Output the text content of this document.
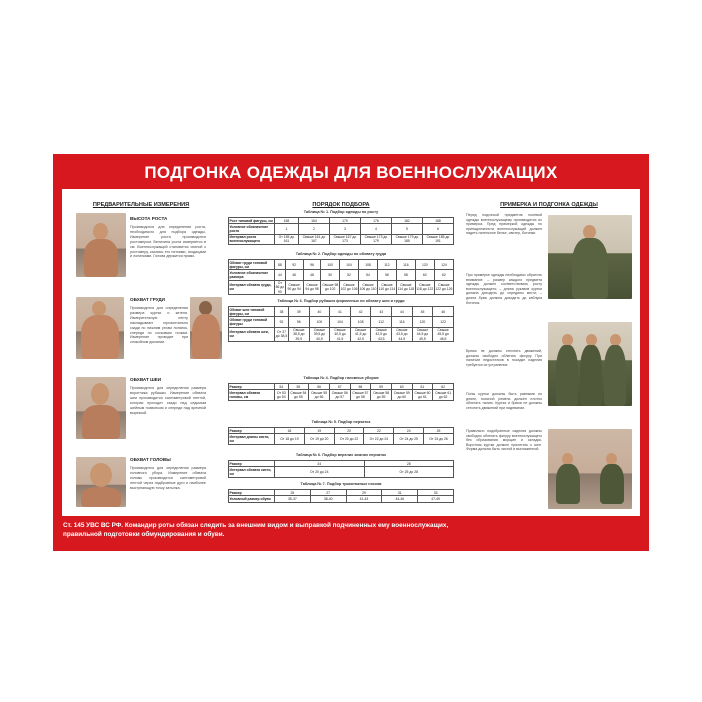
ПОДГОНКА ОДЕЖДЫ ДЛЯ ВОЕННОСЛУЖАЩИХ
ПРЕДВАРИТЕЛЬНЫЕ ИЗМЕРЕНИЯ
ВЫСОТА РОСТА
Производится для определения роста, необходимого для подбора одежды. Измерение роста производится ростомером. Величина роста измеряется в см. Военнослужащий становится спиной к ростомеру, касаясь его пятками, ягодицами и лопатками. Голова держится прямо.
ОБХВАТ ГРУДИ
Производится для определения размера куртки и кителя. Измерительную ленту накладывают горизонтально сзади по нижним углам лопаток, спереди по сосковым точкам. Измерение проводят при спокойном дыхании.
ОБХВАТ ШЕИ
Производится для определения размера воротника рубашки. Измерение обхвата шеи производится сантиметровой лентой, которая проходит сзади над седьмым шейным позвонком и спереди над яремной вырезкой.
ОБХВАТ ГОЛОВЫ
Производится для определения размера головного убора. Измерение обхвата головы производится сантиметровой лентой через надбровные дуги и наиболее выступающую точку затылка.
ПОРЯДОК ПОДБОРА
Таблица № 1. Подбор одежды по росту
Рост типовой фигуры, см	158	164	170	176	182	188
Условное обозначение роста	1	2	3	4	5	6
Интервал роста военнослужащего	От 155 до 161	Свыше 161 до 167	Свыше 167 до 173	Свыше 173 до 179	Свыше 179 до 185	Свыше 185 до 191
Таблица № 2. Подбор одежды по обхвату груди
Обхват груди типовой фигуры, см	88	92	96	100	104	108	112	116	120	124
Условное обозначение размера	44	46	48	50	52	54	56	58	60	62
Интервал обхвата груди, см	От 86 до 90	Свыше 90 до 94	Свыше 94 до 98	Свыше 98 до 102	Свыше 102 до 106	Свыше 106 до 110	Свыше 110 до 114	Свыше 114 до 118	Свыше 118 до 122	Свыше 122 до 126
Таблица № 3. Подбор рубашек форменных по обхвату шеи и груди
Обхват шеи типовой фигуры, см	38	39	40	41	42	43	44	45	46
Обхват груди типовой фигуры	92	96	100	104	108	112	116	120	122
Интервал обхвата шеи, см	От 37 до 38,5	Свыше 38,5 до 39,5	Свыше 39,5 до 40,5	Свыше 40,5 до 41,5	Свыше 41,5 до 42,5	Свыше 42,5 до 43,5	Свыше 43,5 до 44,5	Свыше 44,5 до 45,5	Свыше 45,5 до 46,5
Таблица № 4. Подбор головных уборов
Размер	54	55	56	57	58	59	60	61	62
Интервал обхвата головы, см	От 53 до 54	Свыше 54 до 55	Свыше 55 до 56	Свыше 56 до 57	Свыше 57 до 58	Свыше 58 до 59	Свыше 59 до 60	Свыше 60 до 61	Свыше 61 до 62
Таблица № 5. Подбор перчаток
Размер	18	19	20	22	24	25
Интервал длины кисти, см	От 18 до 19	От 19 до 20	От 20 до 22	От 22 до 24	От 24 до 25	От 24 до 26
Таблица № 6. Подбор верхних зимних перчаток
Размер	24	28
Интервал обхвата кисти, см	От 20 до 24	От 25 до 28
Таблица № 7. Подбор трикотажных носков
Размер	25	27	29	31	33
Условный размер обуви	35-37	38-40	41-43	44-46	47-49
ПРИМЕРКА И ПОДГОНКА ОДЕЖДЫ
Перед подгонкой предметов полевой одежды военнослужащему производится их примерка. Пред примеркой одежды по принадлежности военнослужащий должен надеть нательное белье, свитер, ботинки.
При примерке одежды необходимо обратить внимание: – размер каждого предмета одежды должен соответствовать росту военнослужащего; – длина рукавов куртки должна доходить до середины кисти; – длина брюк должна доходить до каблука ботинок.
Брюки не должны стеснять движений, должны свободно облегать фигуру. При наличии недостатков в посадке изделия требуется их устранение.
Полы куртки должны быть равными по длине, поясной ремень должен плотно облегать талию. Куртка и брюки не должны стеснять движений при надевании.
Правильно подобранные изделия должны свободно облегать фигуру военнослужащего без образования морщин и складок. Воротник куртки должен прилегать к шее. Форма должна быть чистой и выглаженной.
Ст. 145 УВС ВС РФ. Командир роты обязан следить за внешним видом и выправкой подчиненных ему военнослужащих,
правильной подготовки обмундирования и обуви.
